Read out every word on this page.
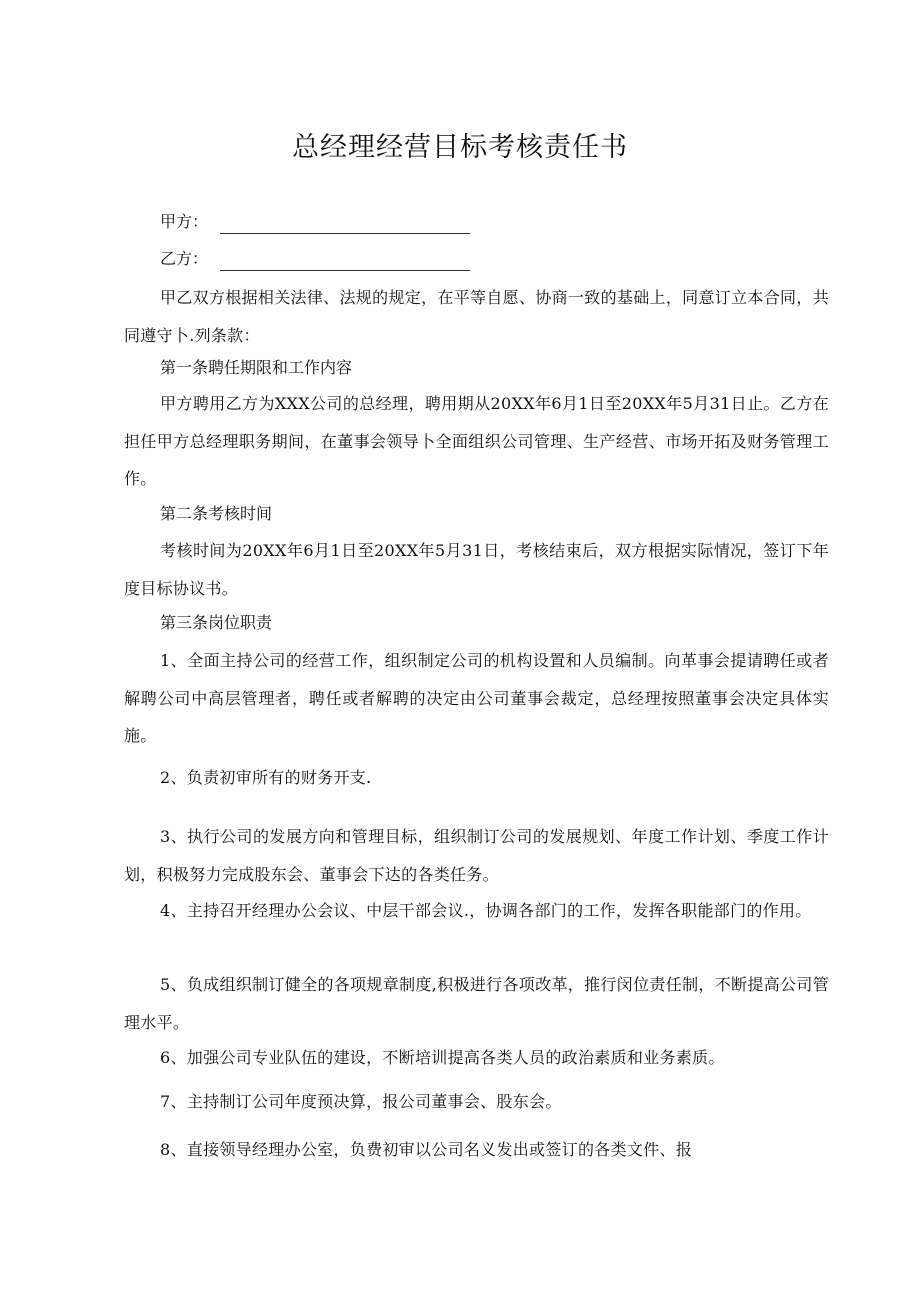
总经理经营目标考核责任书
甲方：
乙方：

甲乙双方根据相关法律、法规的规定，在平等自愿、协商一致的基础上，同意订立本合同，共同遵守卜.列条款：

第一条聘任期限和工作内容

甲方聘用乙方为XXX公司的总经理，聘用期从20XX年6月1日至20XX年5月31日止。乙方在担任甲方总经理职务期间，在董事会领导卜全面组织公司管理、生产经营、市场开拓及财务管理工作。

第二条考核时间

考核时间为20XX年6月1日至20XX年5月31日，考核结束后，双方根据实际情况，签订下年度目标协议书。

第三条岗位职责

1、全面主持公司的经营工作，组织制定公司的机构设置和人员编制。向革事会提请聘任或者解聘公司中高层管理者，聘任或者解聘的决定由公司董事会裁定，总经理按照董事会决定具体实施。

2、负责初审所有的财务开支.

3、执行公司的发展方向和管理目标，组织制订公司的发展规划、年度工作计划、季度工作计划，积极努力完成股东会、董事会下达的各类任务。

4、主持召开经理办公会议、中层干部会议.，协调各部门的工作，发挥各职能部门的作用。

5、负成组织制订健全的各项规章制度,积极进行各项改革，推行闵位责任制，不断提高公司管理水平。

6、加强公司专业队伍的建设，不断培训提高各类人员的政治素质和业务素质。

7、主持制订公司年度预决算，报公司董事会、股东会。

8、直接领导经理办公室，负费初审以公司名义发出或签订的各类文件、报
